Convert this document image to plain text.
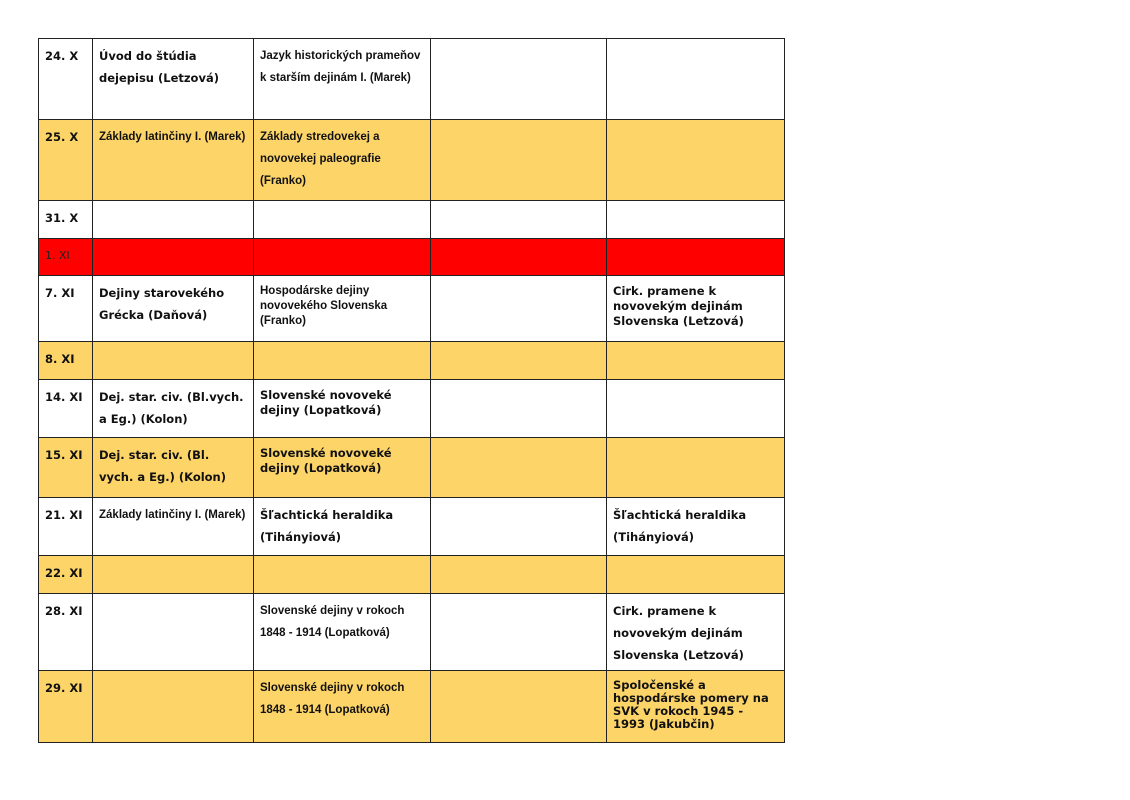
24. X	Úvod do štúdia dejepisu (Letzová)	Jazyk historických prameňov k starším dejinám I. (Marek)		
25. X	Základy latinčiny I. (Marek)	Základy stredovekej a novovekej paleografie (Franko)		
31. X				
1. XI				
7. XI	Dejiny starovekého Grécka (Daňová)	Hospodárske dejiny novovekého Slovenska (Franko)		Cirk. pramene k novovekým dejinám Slovenska (Letzová)
8. XI				
14. XI	Dej. star. civ. (Bl.vych. a Eg.) (Kolon)	Slovenské novoveké dejiny (Lopatková)		
15. XI	Dej. star. civ. (Bl. vych. a Eg.) (Kolon)	Slovenské novoveké dejiny (Lopatková)		
21. XI	Základy latinčiny I. (Marek)	Šľachtická heraldika (Tihányiová)		Šľachtická heraldika (Tihányiová)
22. XI				
28. XI		Slovenské dejiny v rokoch 1848 - 1914 (Lopatková)		Cirk. pramene k novovekým dejinám Slovenska (Letzová)
29. XI		Slovenské dejiny v rokoch 1848 - 1914 (Lopatková)		Spoločenské a hospodárske pomery na SVK v rokoch 1945 - 1993 (Jakubčin)
